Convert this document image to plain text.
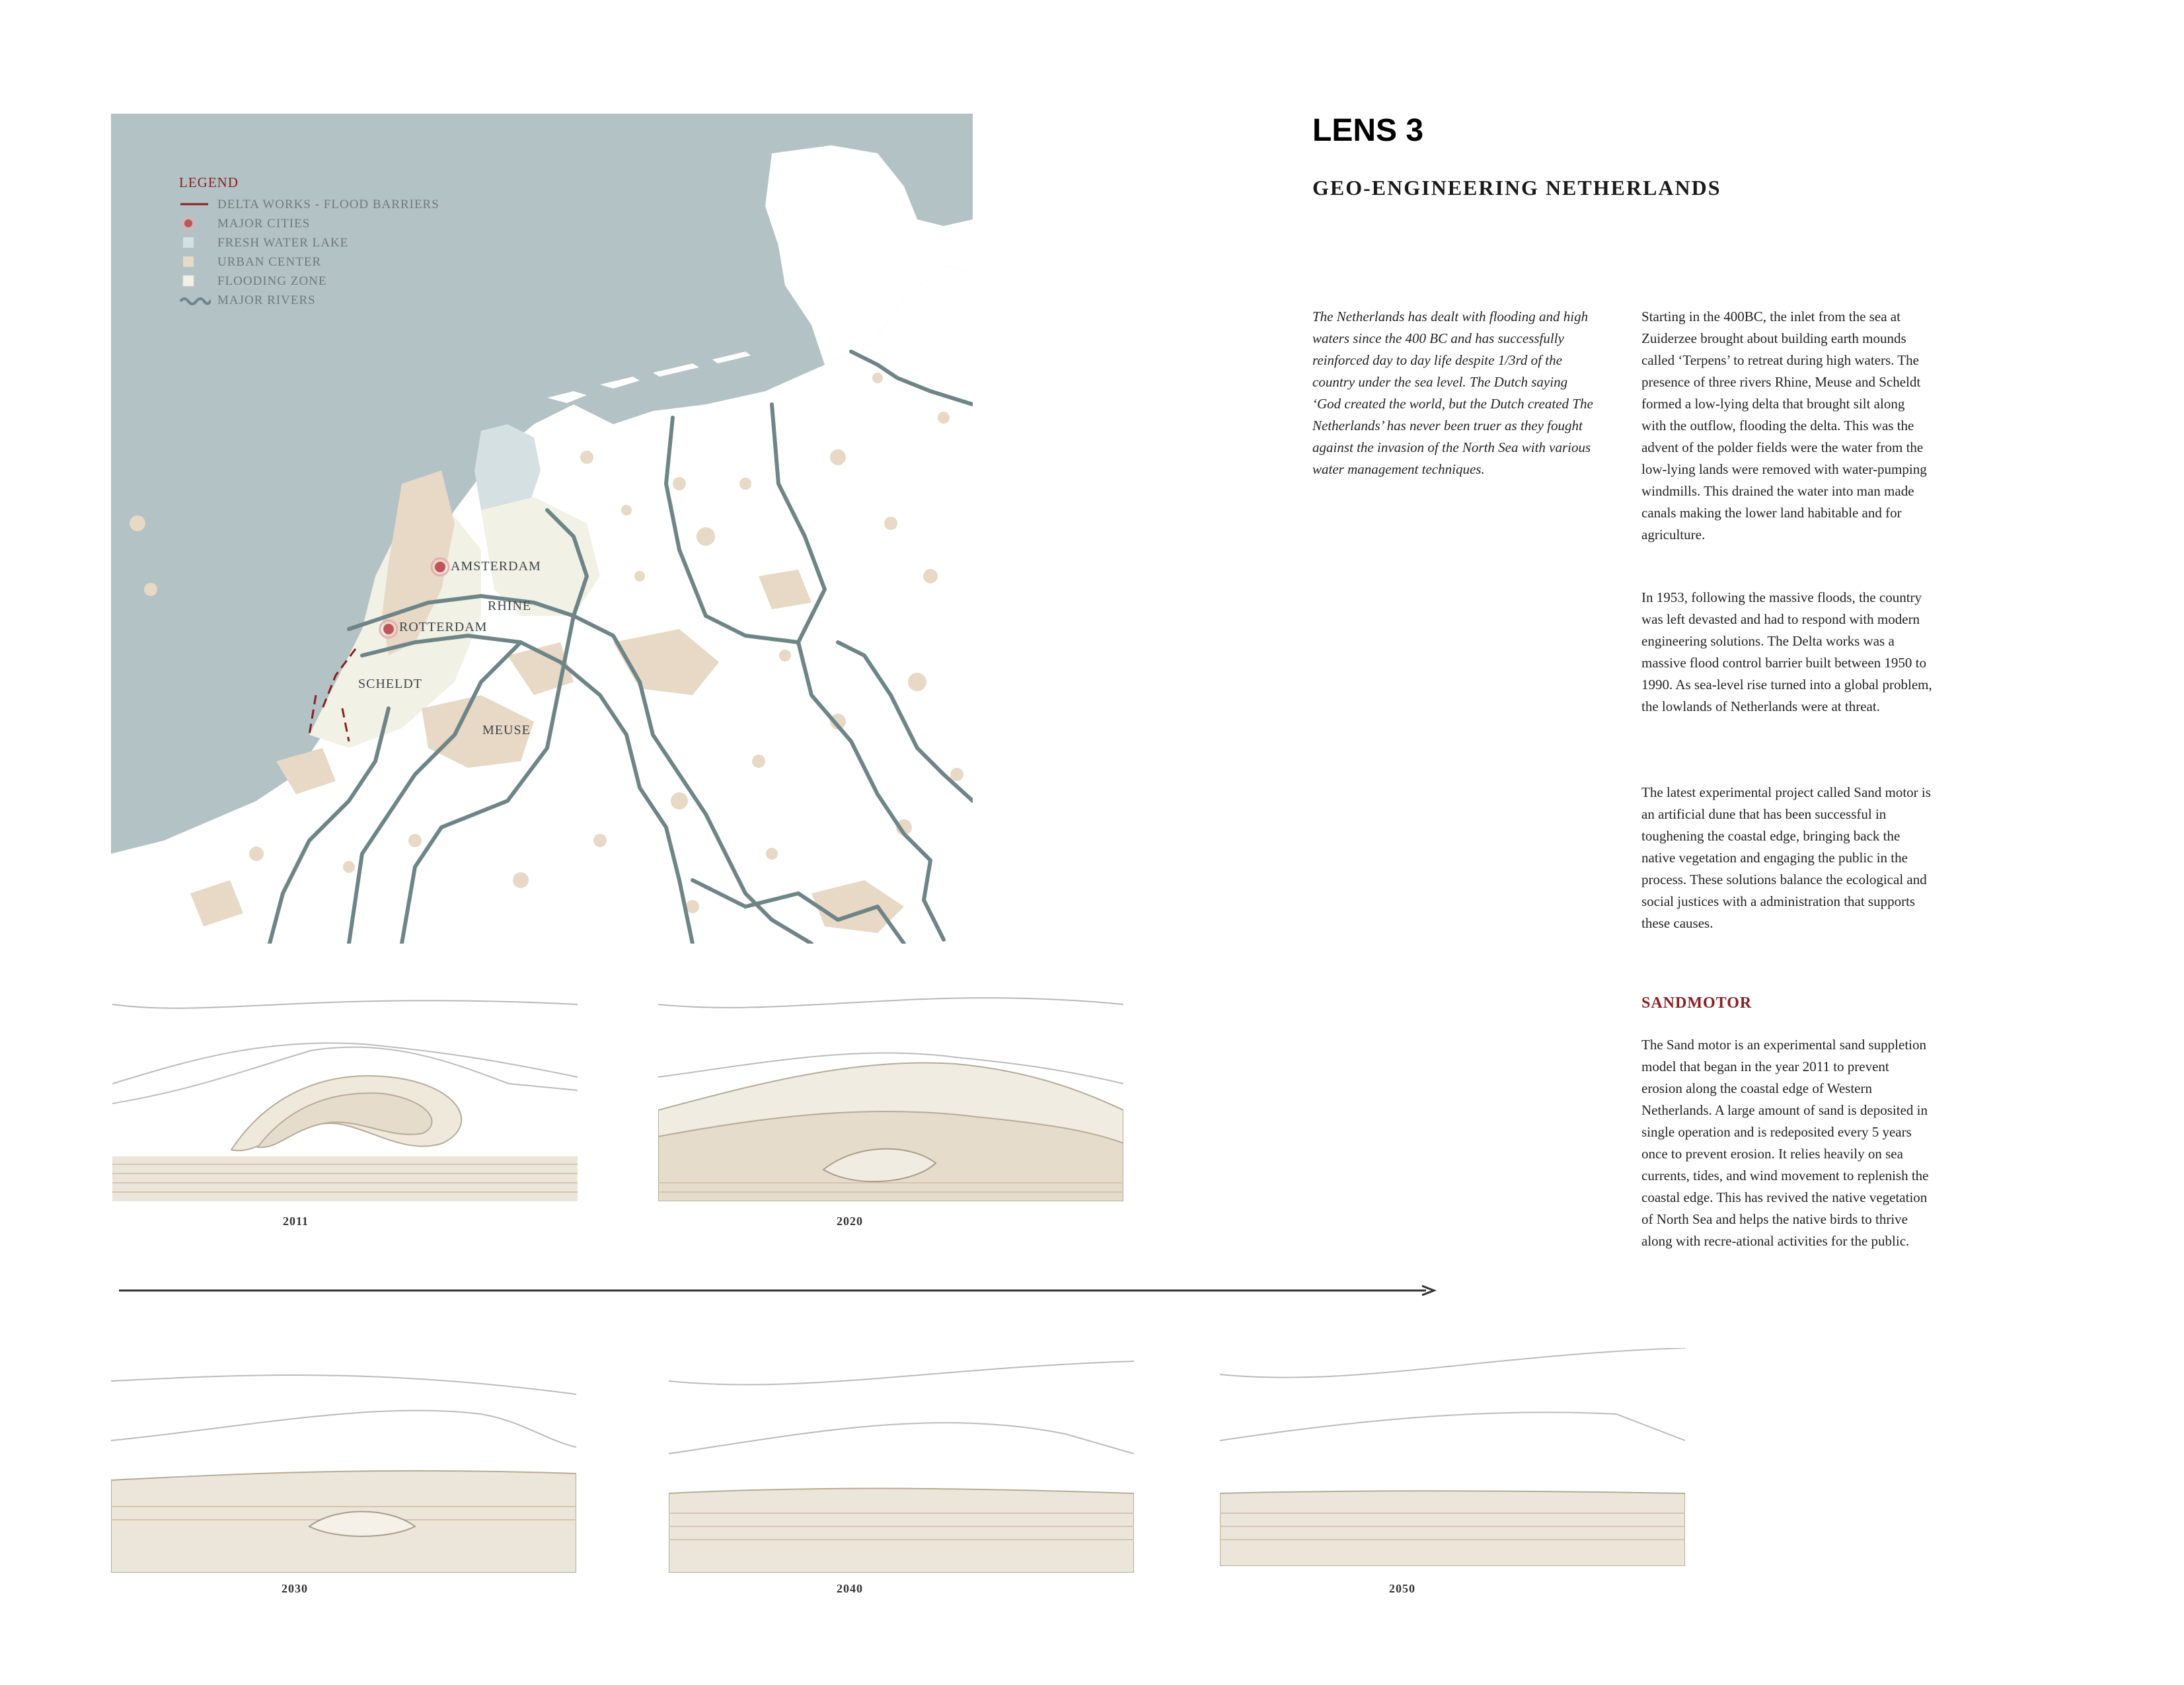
LEGEND
DELTA WORKS - FLOOD BARRIERS
MAJOR CITIES
FRESH WATER LAKE
URBAN CENTER
FLOODING ZONE
MAJOR RIVERS
AMSTERDAM
RHINE
ROTTERDAM
SCHELDT
MEUSE
LENS 3
GEO-ENGINEERING NETHERLANDS

The Netherlands has dealt with flooding and high waters since the 400 BC and has successfully reinforced day to day life despite 1/3rd of the country under the sea level. The Dutch saying ‘God created the world, but the Dutch created The Netherlands’ has never been truer as they fought against the invasion of the North Sea with various water management techniques.

Starting in the 400BC, the inlet from the sea at Zuiderzee brought about building earth mounds called ‘Terpens’ to retreat during high waters. The presence of three rivers Rhine, Meuse and Scheldt formed a low-lying delta that brought silt along with the outflow, flooding the delta. This was the advent of the polder fields were the water from the low-lying lands were removed with water-pumping windmills. This drained the water into man made canals making the lower land habitable and for agriculture.

In 1953, following the massive floods, the country was left devasted and had to respond with modern engineering solutions. The Delta works was a massive flood control barrier built between 1950 to 1990. As sea-level rise turned into a global problem, the lowlands of Netherlands were at threat.

The latest experimental project called Sand motor is an artificial dune that has been successful in toughening the coastal edge, bringing back the native vegetation and engaging the public in the process. These solutions balance the ecological and social justices with a administration that supports these causes.

SANDMOTOR

The Sand motor is an experimental sand suppletion model that began in the year 2011 to prevent erosion along the coastal edge of Western Netherlands. A large amount of sand is deposited in single operation and is redeposited every 5 years once to prevent erosion. It relies heavily on sea currents, tides, and wind movement to replenish the coastal edge. This has revived the native vegetation of North Sea and helps the native birds to thrive along with recre-ational activities for the public.

2011	2020
2030	2040	2050
